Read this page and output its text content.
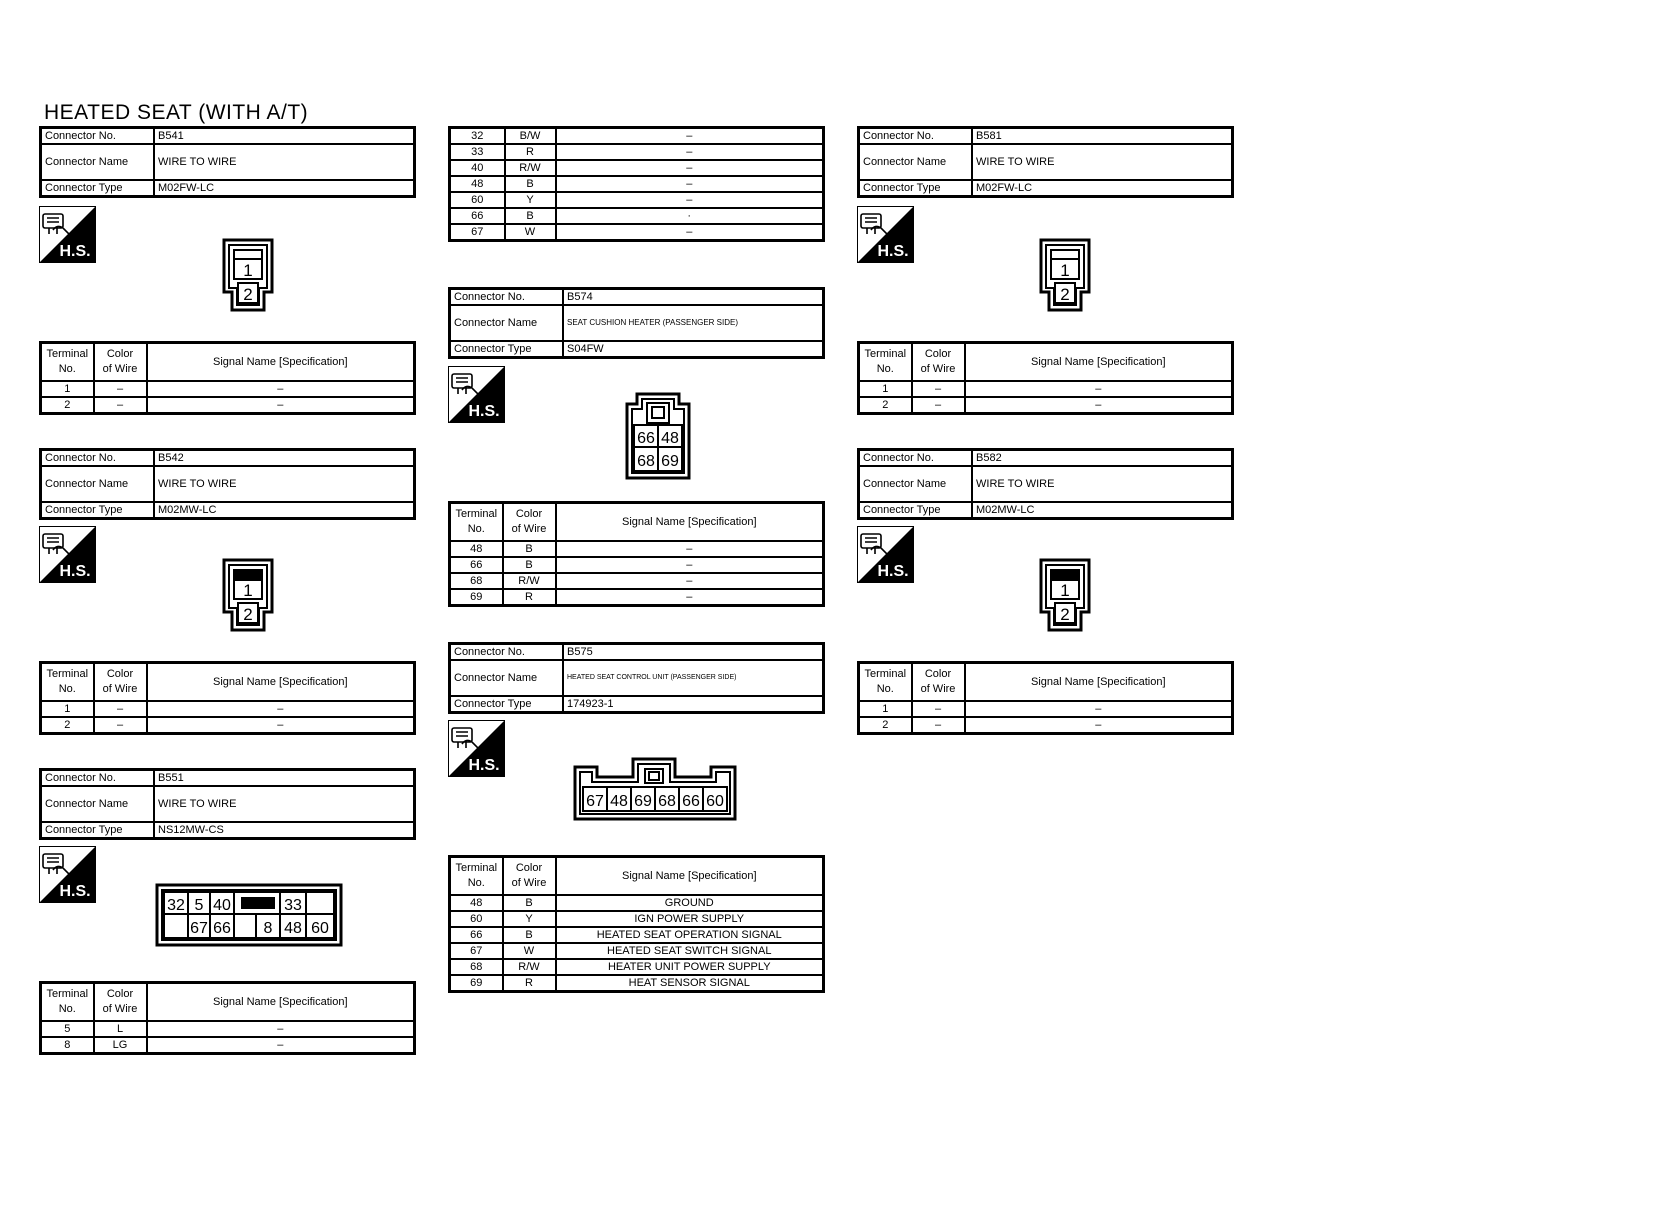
HEATED SEAT (WITH A/T)
Connector No.	B541
Connector Name	WIRE TO WIRE
Connector Type	M02FW-LC
1
2
Terminal
No.	Color
of Wire	Signal Name [Specification]
1	–	–
2	–	–
Connector No.	B542
Connector Name	WIRE TO WIRE
Connector Type	M02MW-LC
1
2
Terminal
No.	Color
of Wire	Signal Name [Specification]
1	–	–
2	–	–
Connector No.	B551
Connector Name	WIRE TO WIRE
Connector Type	NS12MW-CS
32 5 40	33
67 66 8 48 60
Terminal
No.	Color
of Wire	Signal Name [Specification]
5	L	–
8	LG	–
32	B/W	–
33	R	–
40	R/W	–
48	B	–
60	Y	–
66	B	·
67	W	–
Connector No.	B574
Connector Name	SEAT CUSHION HEATER (PASSENGER SIDE)
Connector Type	S04FW
66 48
68 69
Terminal
No.	Color
of Wire	Signal Name [Specification]
48	B	–
66	B	–
68	R/W	–
69	R	–
Connector No.	B575
Connector Name	HEATED SEAT CONTROL UNIT (PASSENGER SIDE)
Connector Type	174923-1
67 48 69 68 66 60
Terminal
No.	Color
of Wire	Signal Name [Specification]
48	B	GROUND
60	Y	IGN POWER SUPPLY
66	B	HEATED SEAT OPERATION SIGNAL
67	W	HEATED SEAT SWITCH SIGNAL
68	R/W	HEATER UNIT POWER SUPPLY
69	R	HEAT SENSOR SIGNAL
Connector No.	B581
Connector Name	WIRE TO WIRE
Connector Type	M02FW-LC
1
2
Terminal
No.	Color
of Wire	Signal Name [Specification]
1	–	–
2	–	–
Connector No.	B582
Connector Name	WIRE TO WIRE
Connector Type	M02MW-LC
1
2
Terminal
No.	Color
of Wire	Signal Name [Specification]
1	–	–
2	–	–
